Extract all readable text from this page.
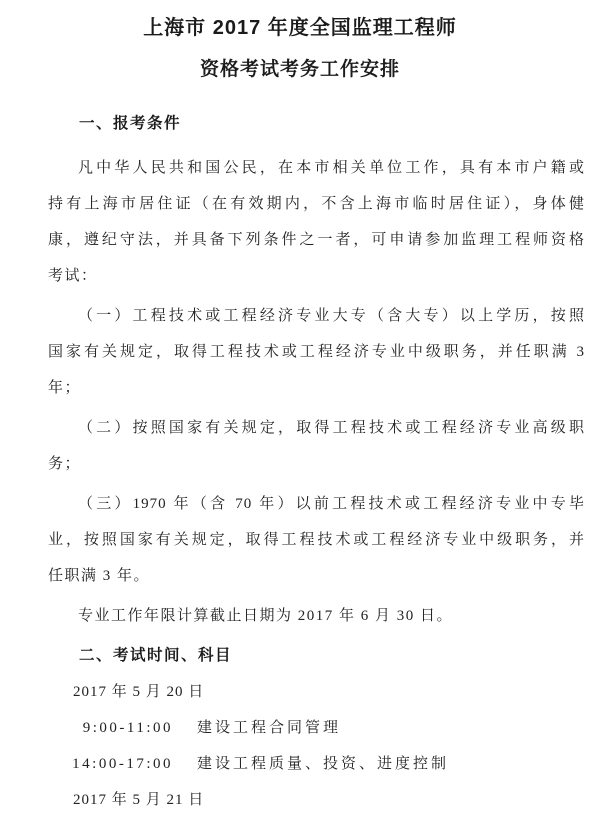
上海市 2017 年度全国监理工程师
资格考试考务工作安排
一、报考条件
凡中华人民共和国公民，在本市相关单位工作，具有本市户籍或
持有上海市居住证（在有效期内，不含上海市临时居住证），身体健
康，遵纪守法，并具备下列条件之一者，可申请参加监理工程师资格
考试：
（一）工程技术或工程经济专业大专（含大专）以上学历，按照
国家有关规定，取得工程技术或工程经济专业中级职务，并任职满 3
年；
（二）按照国家有关规定，取得工程技术或工程经济专业高级职
务；
（三）1970 年（含 70 年）以前工程技术或工程经济专业中专毕
业，按照国家有关规定，取得工程技术或工程经济专业中级职务，并
任职满 3 年。
专业工作年限计算截止日期为 2017 年 6 月 30 日。
二、考试时间、科目
2017 年 5 月 20 日
9:00-11:00 建设工程合同管理
14:00-17:00 建设工程质量、投资、进度控制
2017 年 5 月 21 日
